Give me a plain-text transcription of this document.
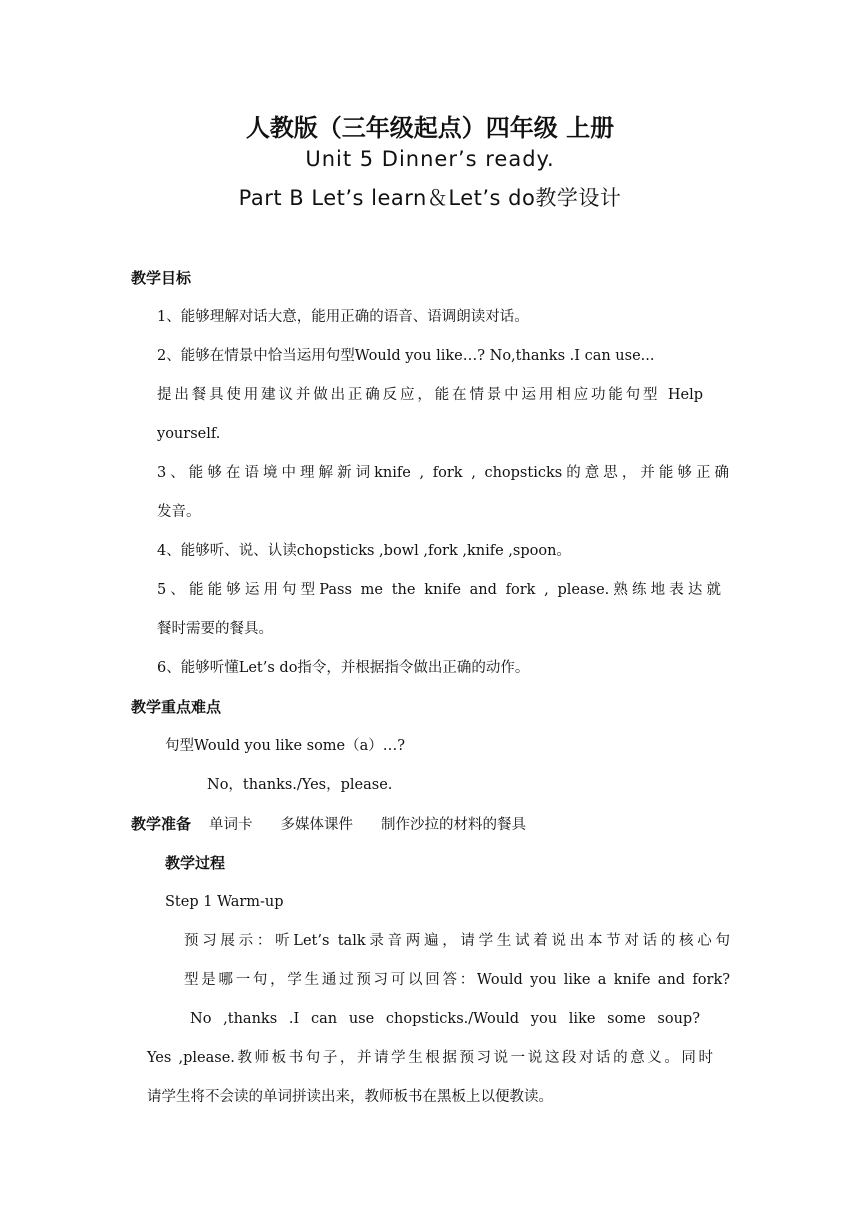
人教版（三年级起点）四年级 上册
Unit 5 Dinner’s ready.
Part B Let’s learn＆Let’s do教学设计
教学目标
1、能够理解对话大意，能用正确的语音、语调朗读对话。
2、能够在情景中恰当运用句型Would you like…? No,thanks .I can use...
提出餐具使用建议并做出正确反应，能在情景中运用相应功能句型 Help
yourself.
3、能够在语境中理解新词knife , fork , chopsticks的意思，并能够正确
发音。
4、能够听、说、认读chopsticks ,bowl ,fork ,knife ,spoon。
5、能能够运用句型Pass me the knife and fork , please.熟练地表达就
餐时需要的餐具。
6、能够听懂Let’s do指令，并根据指令做出正确的动作。
教学重点难点
句型Would you like some（a）…?
No，thanks./Yes，please.
教学准备 单词卡 多媒体课件 制作沙拉的材料的餐具
教学过程
Step 1 Warm-up
预习展示：听Let’s talk录音两遍，请学生试着说出本节对话的核心句
型是哪一句，学生通过预习可以回答：Would you like a knife and fork?
No ,thanks .I can use chopsticks./Would you like some soup?
Yes ,please.教师板书句子，并请学生根据预习说一说这段对话的意义。同时
请学生将不会读的单词拼读出来，教师板书在黑板上以便教读。
